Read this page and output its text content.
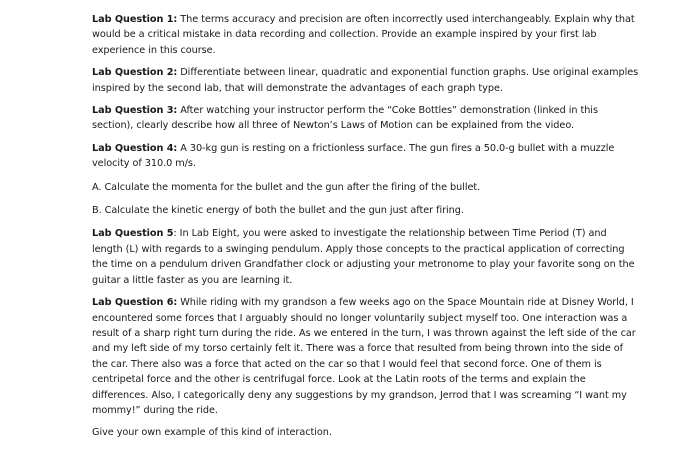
Lab Question 1: The terms accuracy and precision are often incorrectly used interchangeably. Explain why that would be a critical mistake in data recording and collection. Provide an example inspired by your first lab experience in this course.

Lab Question 2: Differentiate between linear, quadratic and exponential function graphs. Use original examples inspired by the second lab, that will demonstrate the advantages of each graph type.

Lab Question 3: After watching your instructor perform the “Coke Bottles” demonstration (linked in this section), clearly describe how all three of Newton’s Laws of Motion can be explained from the video.

Lab Question 4: A 30-kg gun is resting on a frictionless surface. The gun fires a 50.0-g bullet with a muzzle velocity of 310.0 m/s.

A. Calculate the momenta for the bullet and the gun after the firing of the bullet.

B. Calculate the kinetic energy of both the bullet and the gun just after firing.

Lab Question 5: In Lab Eight, you were asked to investigate the relationship between Time Period (T) and length (L) with regards to a swinging pendulum. Apply those concepts to the practical application of correcting the time on a pendulum driven Grandfather clock or adjusting your metronome to play your favorite song on the guitar a little faster as you are learning it.

Lab Question 6: While riding with my grandson a few weeks ago on the Space Mountain ride at Disney World, I encountered some forces that I arguably should no longer voluntarily subject myself too. One interaction was a result of a sharp right turn during the ride. As we entered in the turn, I was thrown against the left side of the car and my left side of my torso certainly felt it. There was a force that resulted from being thrown into the side of the car. There also was a force that acted on the car so that I would feel that second force. One of them is centripetal force and the other is centrifugal force. Look at the Latin roots of the terms and explain the differences. Also, I categorically deny any suggestions by my grandson, Jerrod that I was screaming “I want my mommy!” during the ride.

Give your own example of this kind of interaction.
